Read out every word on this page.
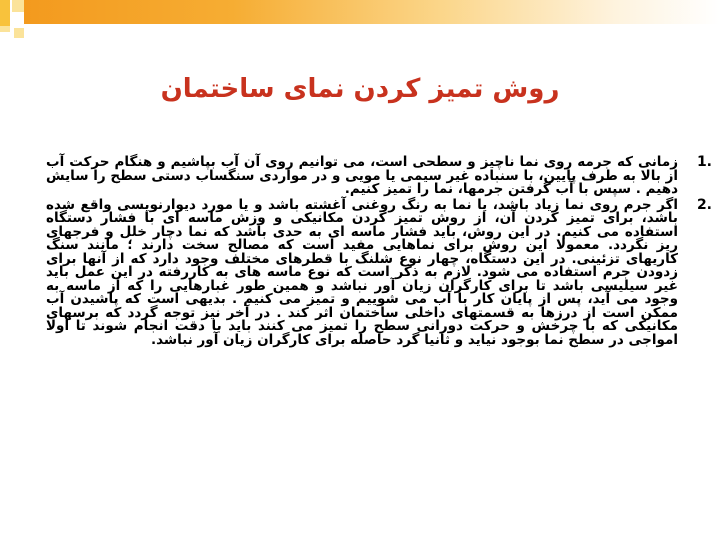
روش تمیز کردن نمای ساختمان
1.
زمانی که جرمه روی نما ناچیز و سطحی است، می توانیم روی آن آب بپاشیم و هنگام حرکت آب از بالا به طرف پایین، با سنباده غیر سیمی یا مویی و در مواردی سنگساب دستی سطح را سایش دهیم . سپس با آب گرفتن جرمها، نما را تمیز کنیم.
2.
اگر جرم روی نما زیاد باشد، یا نما به رنگ روغنی آغشته باشد و یا مورد دیوارنویسی واقع شده باشد، برای تمیز کردن آن، از روش تمیز کردن مکانیکی و وزش ماسه ای با فشار دستگاه استفاده می کنیم. در این روش، باید فشار ماسه ای به حدی باشد که نما دچار خلل و فرجهای ریز نگردد. معمولا این روش برای نماهایی مفید است که مصالح سخت دارند ؛ مانند سنگ کاریهای تزئینی. در این دستگاه، چهار نوع شلنگ با قطرهای مختلف وجود دارد که از آنها برای زدودن جرم استفاده می شود. لازم به ذکر است که نوع ماسه های به کاررفته در این عمل باید غیر سیلیسی باشد تا برای کارگران زیان آور نباشد و همین طور غبارهایی را که از ماسه به وجود می آید، پس از پایان کار با آب می شوییم و تمیز می کنیم . بدیهی است که پاشیدن آب ممکن است از درزها به قسمتهای داخلی ساختمان اثر کند . در آخر نیز توجه گردد که برسهای مکانیکی که با چرخش و حرکت دورانی سطح را تمیز می کنند باید با دقت انجام شوند تا اولا امواجی در سطح نما بوجود نیاید و ثانیا گرد حاصله برای کارگران زیان آور نباشد.
